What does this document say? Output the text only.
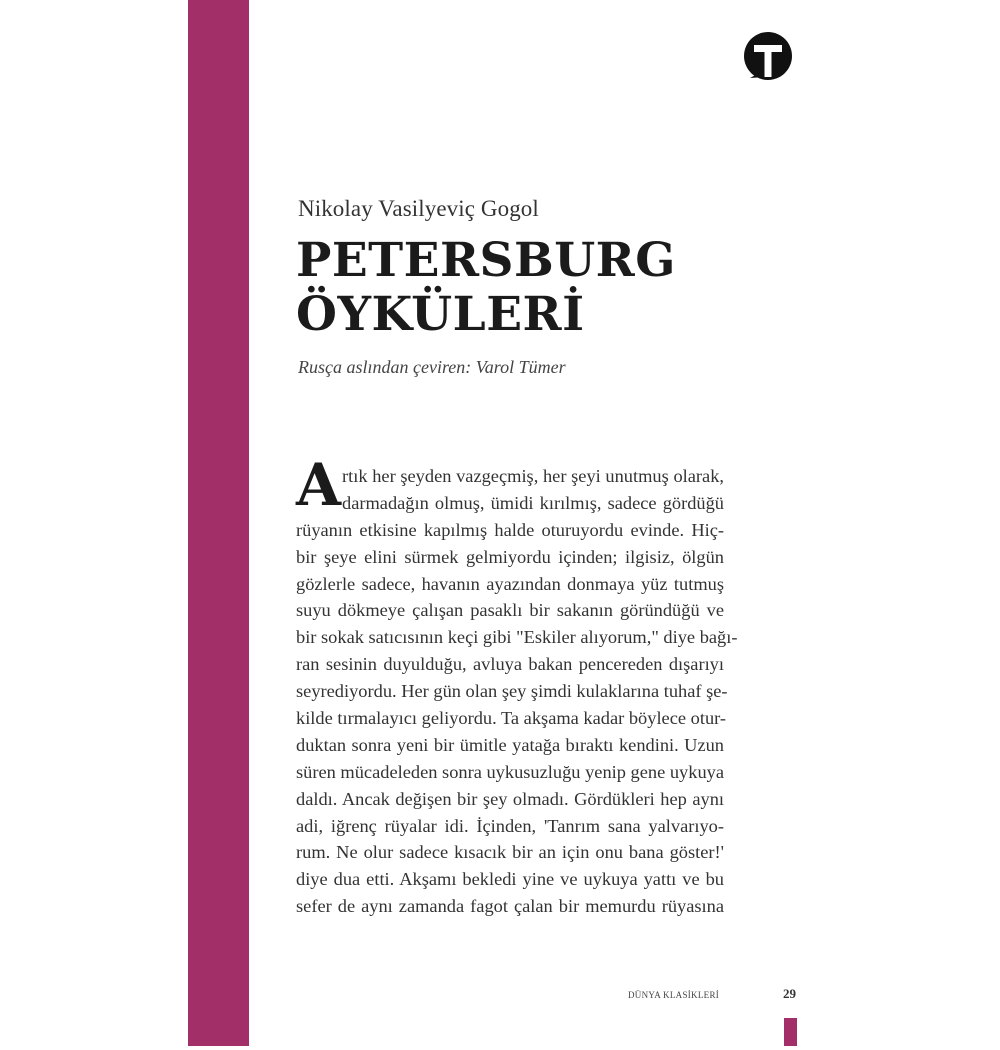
Nikolay Vasilyeviç Gogol
PETERSBURG
ÖYKÜLERİ
Rusça aslından çeviren: Varol Tümer
A rtık her şeyden vazgeçmiş, her şeyi unutmuş olarak,
darmadağın olmuş, ümidi kırılmış, sadece gördüğü
rüyanın etkisine kapılmış halde oturuyordu evinde. Hiç-
bir şeye elini sürmek gelmiyordu içinden; ilgisiz, ölgün
gözlerle sadece, havanın ayazından donmaya yüz tutmuş
suyu dökmeye çalışan pasaklı bir sakanın göründüğü ve
bir sokak satıcısının keçi gibi "Eskiler alıyorum," diye bağı-
ran sesinin duyulduğu, avluya bakan pencereden dışarıyı
seyrediyordu. Her gün olan şey şimdi kulaklarına tuhaf şe-
kilde tırmalayıcı geliyordu. Ta akşama kadar böylece otur-
duktan sonra yeni bir ümitle yatağa bıraktı kendini. Uzun
süren mücadeleden sonra uykusuzluğu yenip gene uykuya
daldı. Ancak değişen bir şey olmadı. Gördükleri hep aynı
adi, iğrenç rüyalar idi. İçinden, 'Tanrım sana yalvarıyo-
rum. Ne olur sadece kısacık bir an için onu bana göster!'
diye dua etti. Akşamı bekledi yine ve uykuya yattı ve bu
sefer de aynı zamanda fagot çalan bir memurdu rüyasına
DÜNYA KLASİKLERİ	29
